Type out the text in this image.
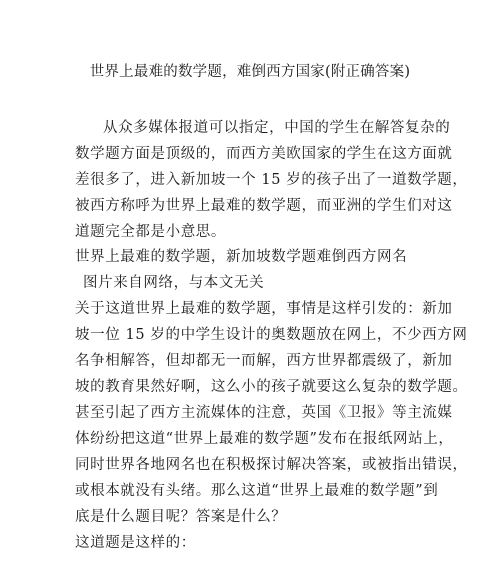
世界上最难的数学题，难倒西方国家(附正确答案)
从众多媒体报道可以指定，中国的学生在解答复杂的
数学题方面是顶级的，而西方美欧国家的学生在这方面就
差很多了，进入新加坡一个 15 岁的孩子出了一道数学题，
被西方称呼为世界上最难的数学题，而亚洲的学生们对这
道题完全都是小意思。
世界上最难的数学题，新加坡数学题难倒西方网名
图片来自网络，与本文无关
关于这道世界上最难的数学题，事情是这样引发的：新加
坡一位 15 岁的中学生设计的奥数题放在网上，不少西方网
名争相解答，但却都无一而解，西方世界都震级了，新加
坡的教育果然好啊，这么小的孩子就要这么复杂的数学题。
甚至引起了西方主流媒体的注意，英国《卫报》等主流媒
体纷纷把这道“世界上最难的数学题”发布在报纸网站上，
同时世界各地网名也在积极探讨解决答案，或被指出错误，
或根本就没有头绪。那么这道“世界上最难的数学题”到
底是什么题目呢？答案是什么？
这道题是这样的：
